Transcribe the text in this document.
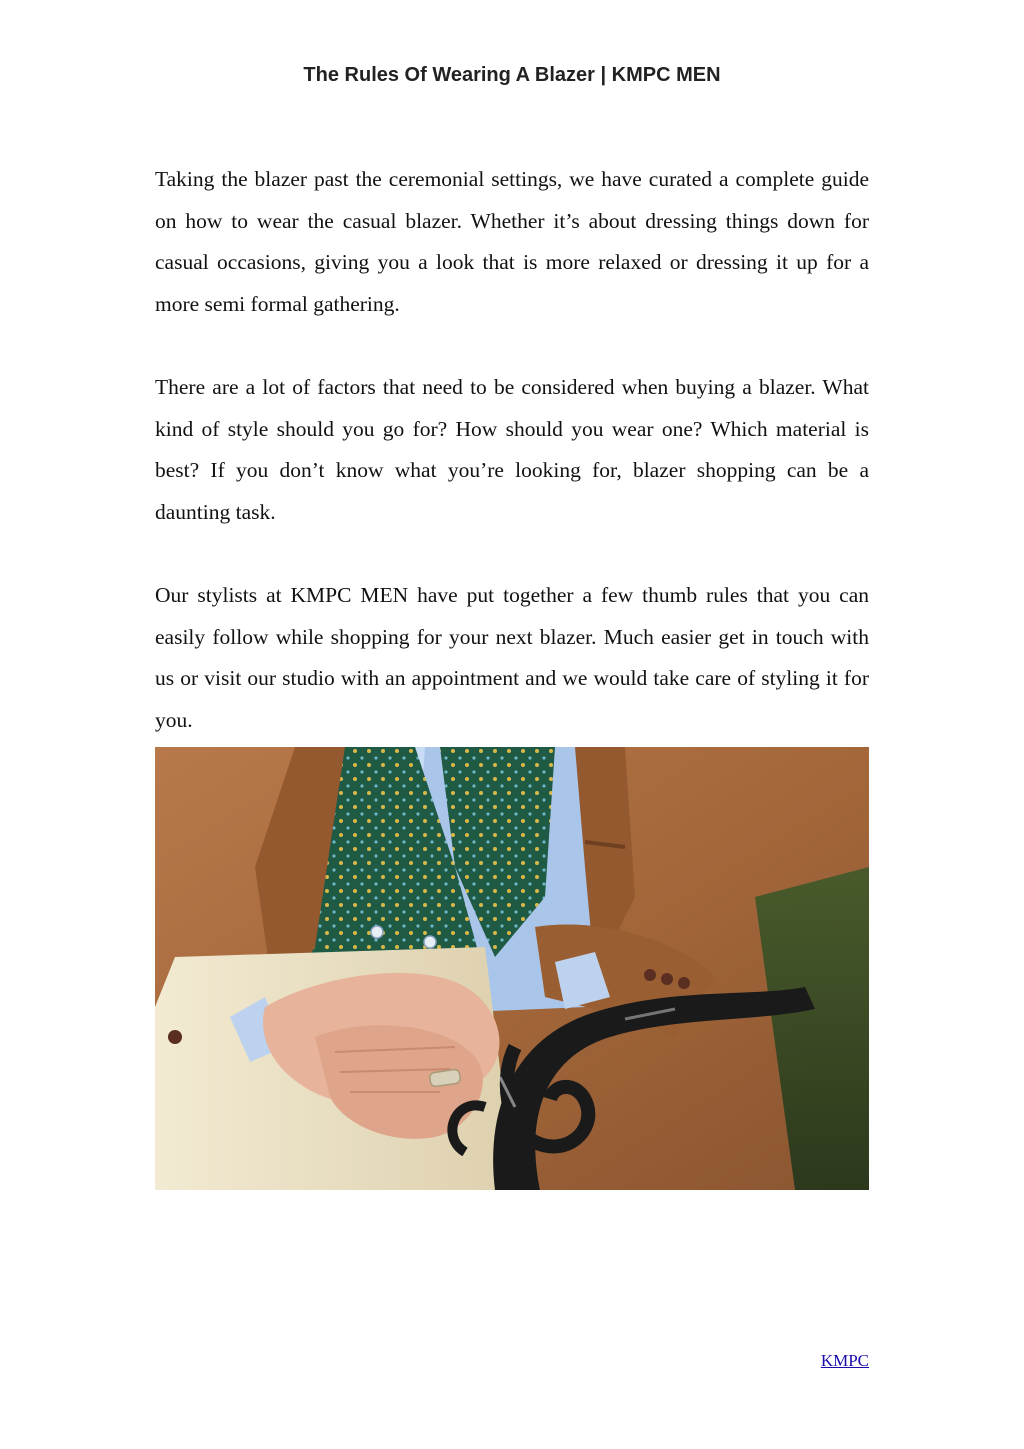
The Rules Of Wearing A Blazer | KMPC MEN

Taking the blazer past the ceremonial settings, we have curated a complete guide on how to wear the casual blazer. Whether it’s about dressing things down for casual occasions, giving you a look that is more relaxed or dressing it up for a more semi formal gathering.

There are a lot of factors that need to be considered when buying a blazer. What kind of style should you go for? How should you wear one? Which material is best? If you don’t know what you’re looking for, blazer shopping can be a daunting task.

Our stylists at KMPC MEN have put together a few thumb rules that you can easily follow while shopping for your next blazer. Much easier get in touch with us or visit our studio with an appointment and we would take care of styling it for you.

KMPC
